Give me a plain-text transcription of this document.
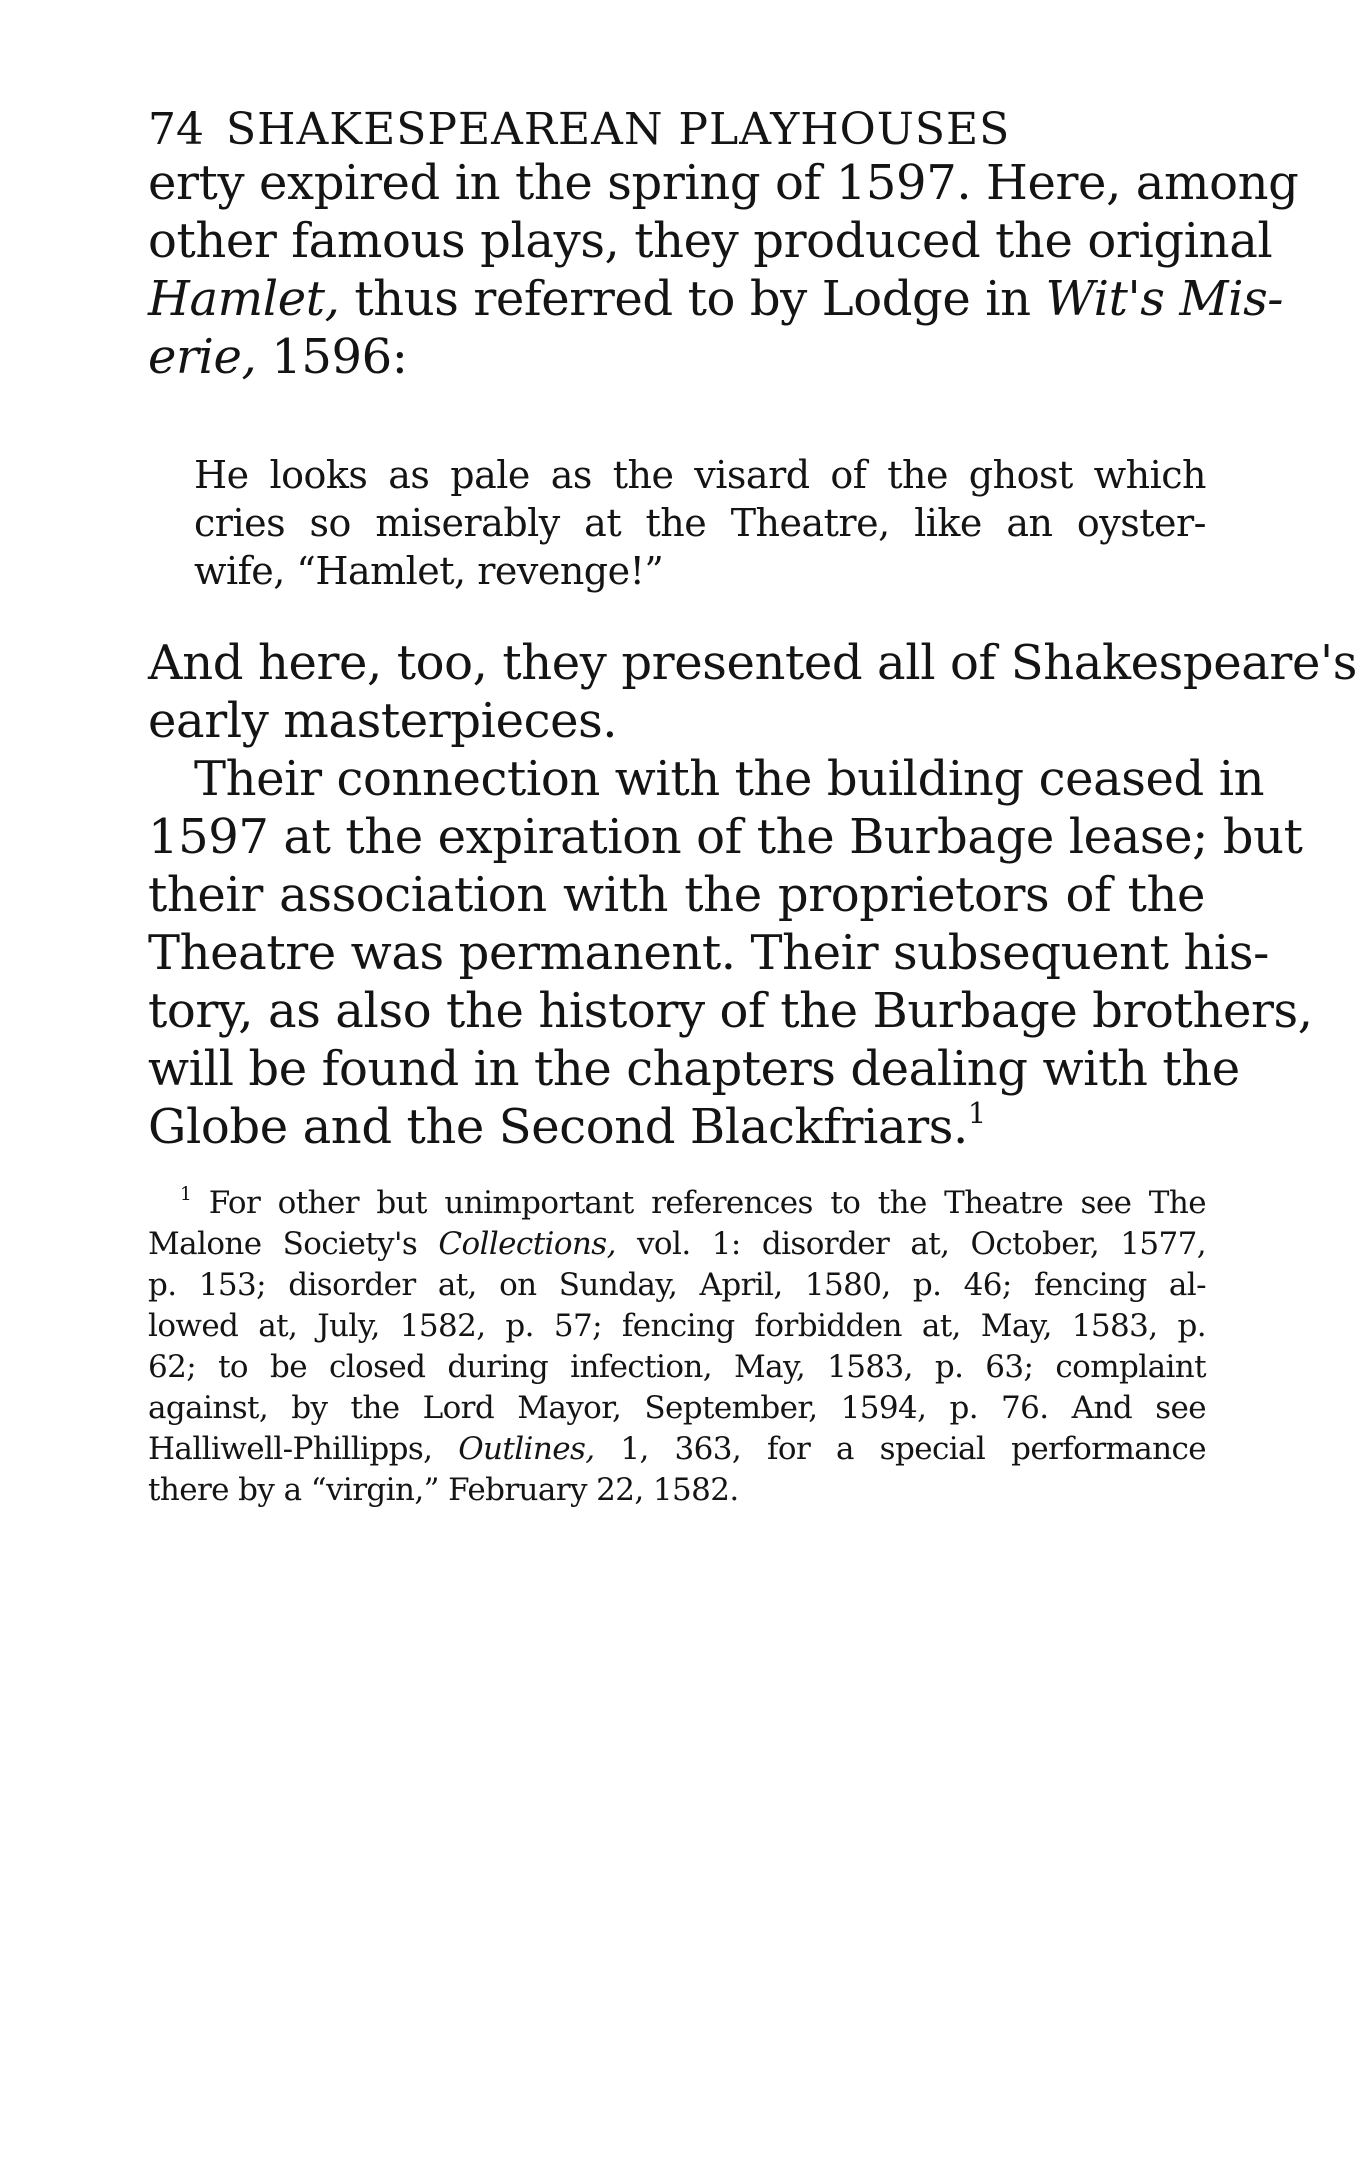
74 SHAKESPEAREAN PLAYHOUSES
erty expired in the spring of 1597. Here, among
other famous plays, they produced the original
Hamlet, thus referred to by Lodge in Wit's Mis-
erie, 1596:
He looks as pale as the visard of the ghost which
cries so miserably at the Theatre, like an oyster-
wife, “Hamlet, revenge!”
And here, too, they presented all of Shakespeare's
early masterpieces.
Their connection with the building ceased in
1597 at the expiration of the Burbage lease; but
their association with the proprietors of the
Theatre was permanent. Their subsequent his-
tory, as also the history of the Burbage brothers,
will be found in the chapters dealing with the
Globe and the Second Blackfriars.$^1$
$^1$ For other but unimportant references to the Theatre see The
Malone Society's Collections, vol. 1: disorder at, October, 1577,
p. 153; disorder at, on Sunday, April, 1580, p. 46; fencing al-
lowed at, July, 1582, p. 57; fencing forbidden at, May, 1583, p.
62; to be closed during infection, May, 1583, p. 63; complaint
against, by the Lord Mayor, September, 1594, p. 76. And see
Halliwell-Phillipps, Outlines, 1, 363, for a special performance
there by a “virgin,” February 22, 1582.
